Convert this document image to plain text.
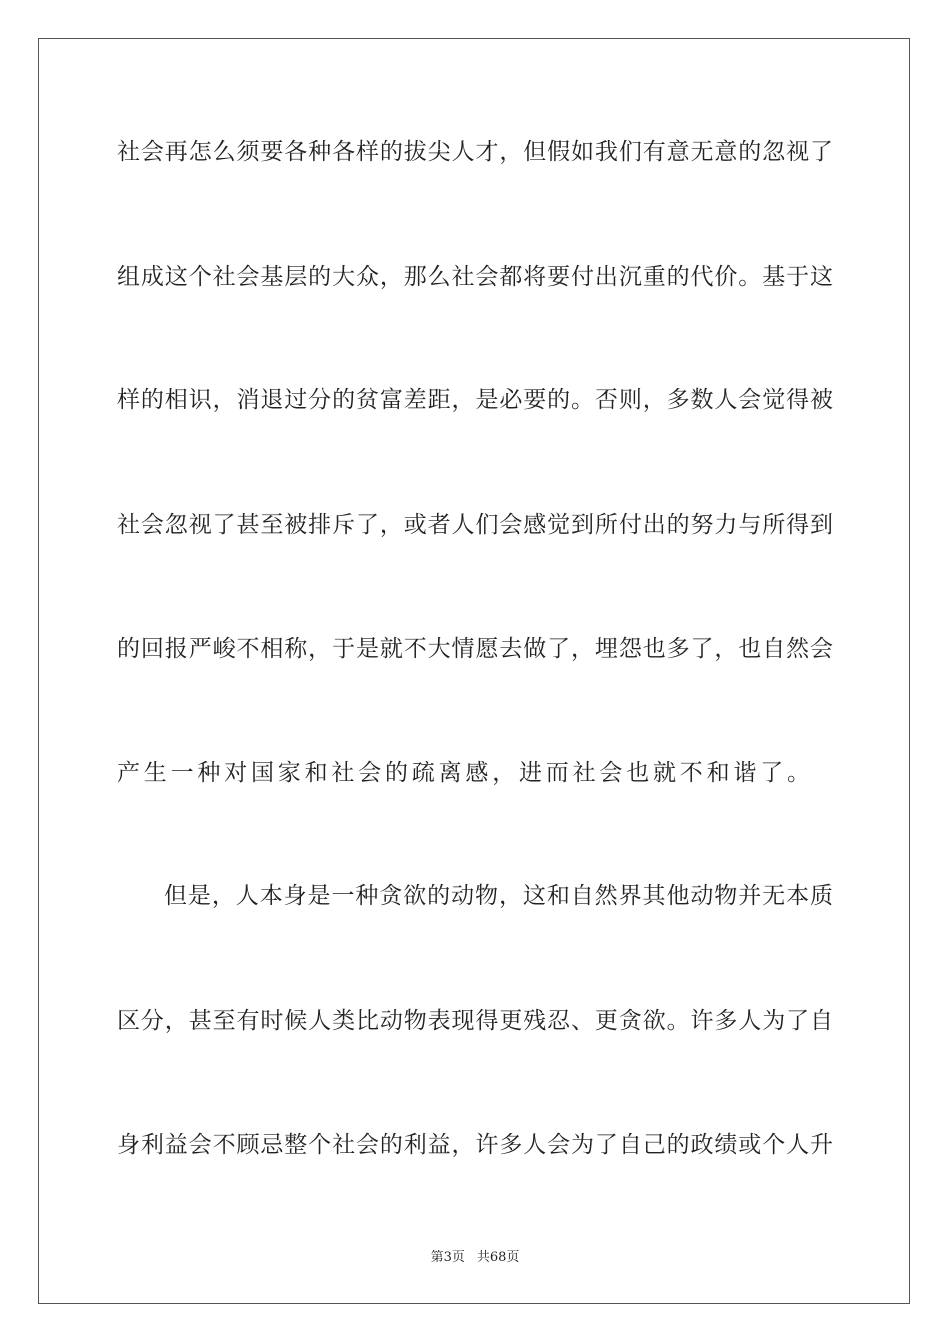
社会再怎么须要各种各样的拔尖人才，但假如我们有意无意的忽视了
组成这个社会基层的大众，那么社会都将要付出沉重的代价。基于这
样的相识，消退过分的贫富差距，是必要的。否则，多数人会觉得被
社会忽视了甚至被排斥了，或者人们会感觉到所付出的努力与所得到
的回报严峻不相称，于是就不大情愿去做了，埋怨也多了，也自然会
产生一种对国家和社会的疏离感，进而社会也就不和谐了。
但是，人本身是一种贪欲的动物，这和自然界其他动物并无本质
区分，甚至有时候人类比动物表现得更残忍、更贪欲。许多人为了自
身利益会不顾忌整个社会的利益，许多人会为了自己的政绩或个人升
第3页 共68页
